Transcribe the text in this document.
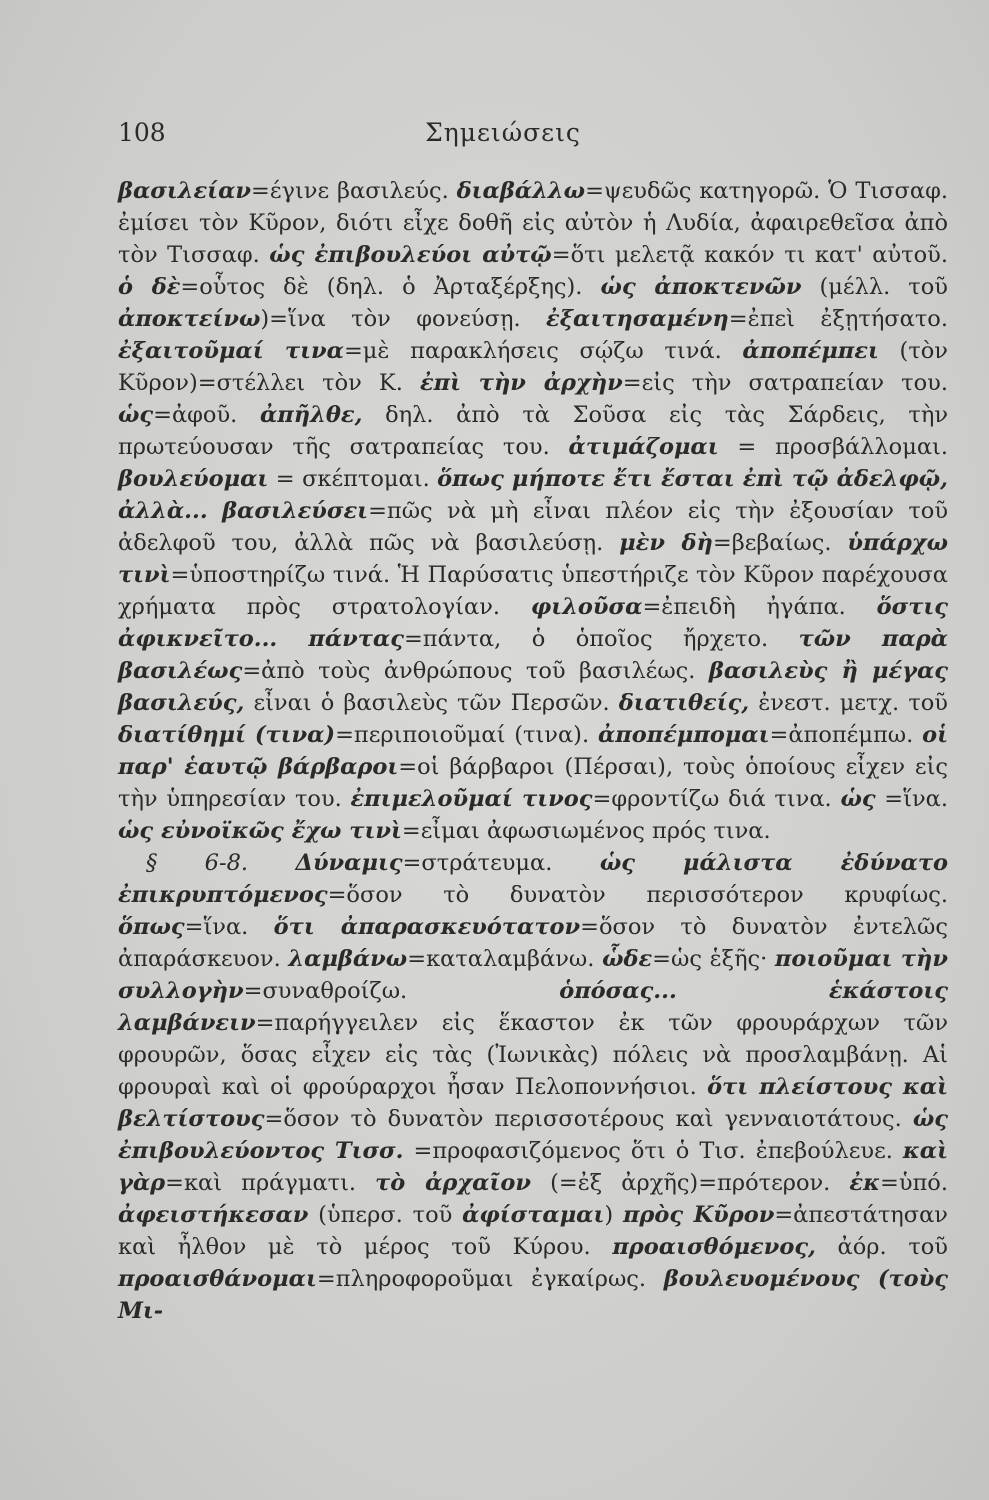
108	Σημειώσεις

βασιλείαν=έγινε βασιλεύς. διαβάλλω=ψευδῶς κατηγορῶ. Ὁ Τισσαφ. ἐμίσει τὸν Κῦρον, διότι εἶχε δοθῆ εἰς αὐτὸν ἡ Λυδία, ἀφαιρεθεῖσα ἀπὸ τὸν Τισσαφ. ὡς ἐπιβουλεύοι αὐτῷ=ὅτι μελετᾷ κακόν τι κατ' αὐτοῦ. ὁ δὲ=οὗτος δὲ (δηλ. ὁ Ἀρταξέρξης). ὡς ἀποκτενῶν (μέλλ. τοῦ ἀποκτείνω)=ἵνα τὸν φονεύσῃ. ἐξαιτησαμένη=ἐπεὶ ἐξῃτήσατο. ἐξαιτοῦμαί τινα=μὲ παρακλήσεις σῴζω τινά. ἀποπέμπει (τὸν Κῦρον)=στέλλει τὸν Κ. ἐπὶ τὴν ἀρχὴν=εἰς τὴν σατραπείαν του. ὡς=ἀφοῦ. ἀπῆλθε, δηλ. ἀπὸ τὰ Σοῦσα εἰς τὰς Σάρδεις, τὴν πρωτεύουσαν τῆς σατραπείας του. ἀτιμάζομαι = προσβάλλομαι. βουλεύομαι = σκέπτομαι. ὅπως μήποτε ἔτι ἔσται ἐπὶ τῷ ἀδελφῷ, ἀλλὰ... βασιλεύσει=πῶς νὰ μὴ εἶναι πλέον εἰς τὴν ἐξουσίαν τοῦ ἀδελφοῦ του, ἀλλὰ πῶς νὰ βασιλεύσῃ. μὲν δὴ=βεβαίως. ὑπάρχω τινὶ=ὑποστηρίζω τινά. Ἡ Παρύσατις ὑπεστήριζε τὸν Κῦρον παρέχουσα χρήματα πρὸς στρατολογίαν. φιλοῦσα=ἐπειδὴ ἠγάπα. ὅστις ἀφικνεῖτο... πάντας=πάντα, ὁ ὁποῖος ἤρχετο. τῶν παρὰ βασιλέως=ἀπὸ τοὺς ἀνθρώπους τοῦ βασιλέως. βασιλεὺς ἢ μέγας βασιλεύς, εἶναι ὁ βασιλεὺς τῶν Περσῶν. διατιθείς, ἐνεστ. μετχ. τοῦ διατίθημί (τινα)=περιποιοῦμαί (τινα). ἀποπέμπομαι=ἀποπέμπω. οἱ παρ' ἑαυτῷ βάρβαροι=οἱ βάρβαροι (Πέρσαι), τοὺς ὁποίους εἶχεν εἰς τὴν ὑπηρεσίαν του. ἐπιμελοῦμαί τινος=φροντίζω διά τινα. ὡς =ἵνα. ὡς εὐνοϊκῶς ἔχω τινὶ=εἶμαι ἀφωσιωμένος πρός τινα.

§ 6-8. Δύναμις=στράτευμα. ὡς μάλιστα ἐδύνατο ἐπικρυπτόμενος=ὅσον τὸ δυνατὸν περισσότερον κρυφίως. ὅπως=ἵνα. ὅτι ἀπαρασκευότατον=ὅσον τὸ δυνατὸν ἐντελῶς ἀπαράσκευον. λαμβάνω=καταλαμβάνω. ὧδε=ὡς ἑξῆς· ποιοῦμαι τὴν συλλογὴν=συναθροίζω. ὁπόσας...	ἑκάστοις λαμβάνειν=παρήγγειλεν εἰς ἕκαστον ἐκ τῶν φρουράρχων τῶν φρουρῶν, ὅσας εἶχεν εἰς τὰς (Ἰωνικὰς) πόλεις νὰ προσλαμβάνῃ. Αἱ φρουραὶ καὶ οἱ φρούραρχοι ἦσαν Πελοποννήσιοι. ὅτι πλείστους καὶ βελτίστους=ὅσον τὸ δυνατὸν περισσοτέρους καὶ γενναιοτάτους. ὡς ἐπιβουλεύοντος Τισσ. =προφασιζόμενος ὅτι ὁ Τισ. ἐπεβούλευε. καὶ γὰρ=καὶ πράγματι. τὸ ἀρχαῖον (=ἐξ ἀρχῆς)=πρότερον. ἐκ=ὑπό. ἀφειστήκεσαν (ὑπερσ. τοῦ ἀφίσταμαι) πρὸς Κῦρον=ἀπεστάτησαν καὶ ἦλθον μὲ τὸ μέρος τοῦ Κύρου. προαισθόμενος, ἀόρ. τοῦ προαισθάνομαι=πληροφοροῦμαι ἐγκαίρως. βουλευομένους (τοὺς Μι-
